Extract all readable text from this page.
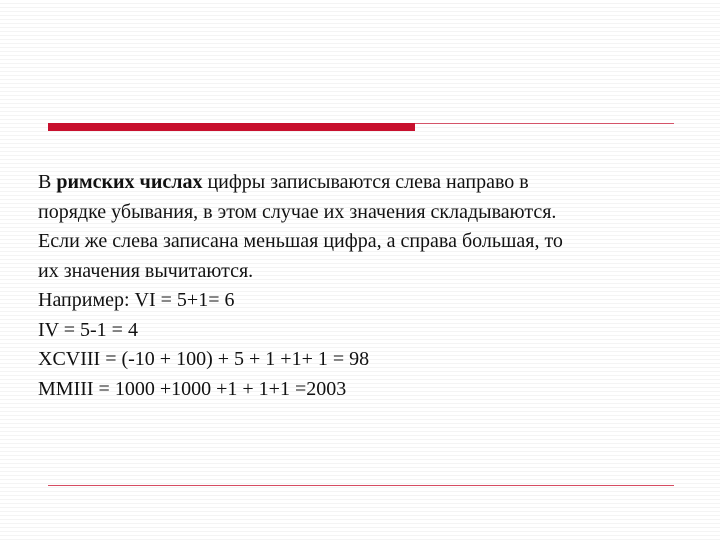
В римских числах цифры записываются слева направо в
порядке убывания, в этом случае их значения складываются.
Если же слева записана меньшая цифра, а справа большая, то
их значения вычитаются.
Например: VI = 5+1= 6
IV = 5-1 = 4
XCVIII = (-10 + 100) + 5 + 1 +1+ 1 = 98
MMIII = 1000 +1000 +1 + 1+1 =2003
